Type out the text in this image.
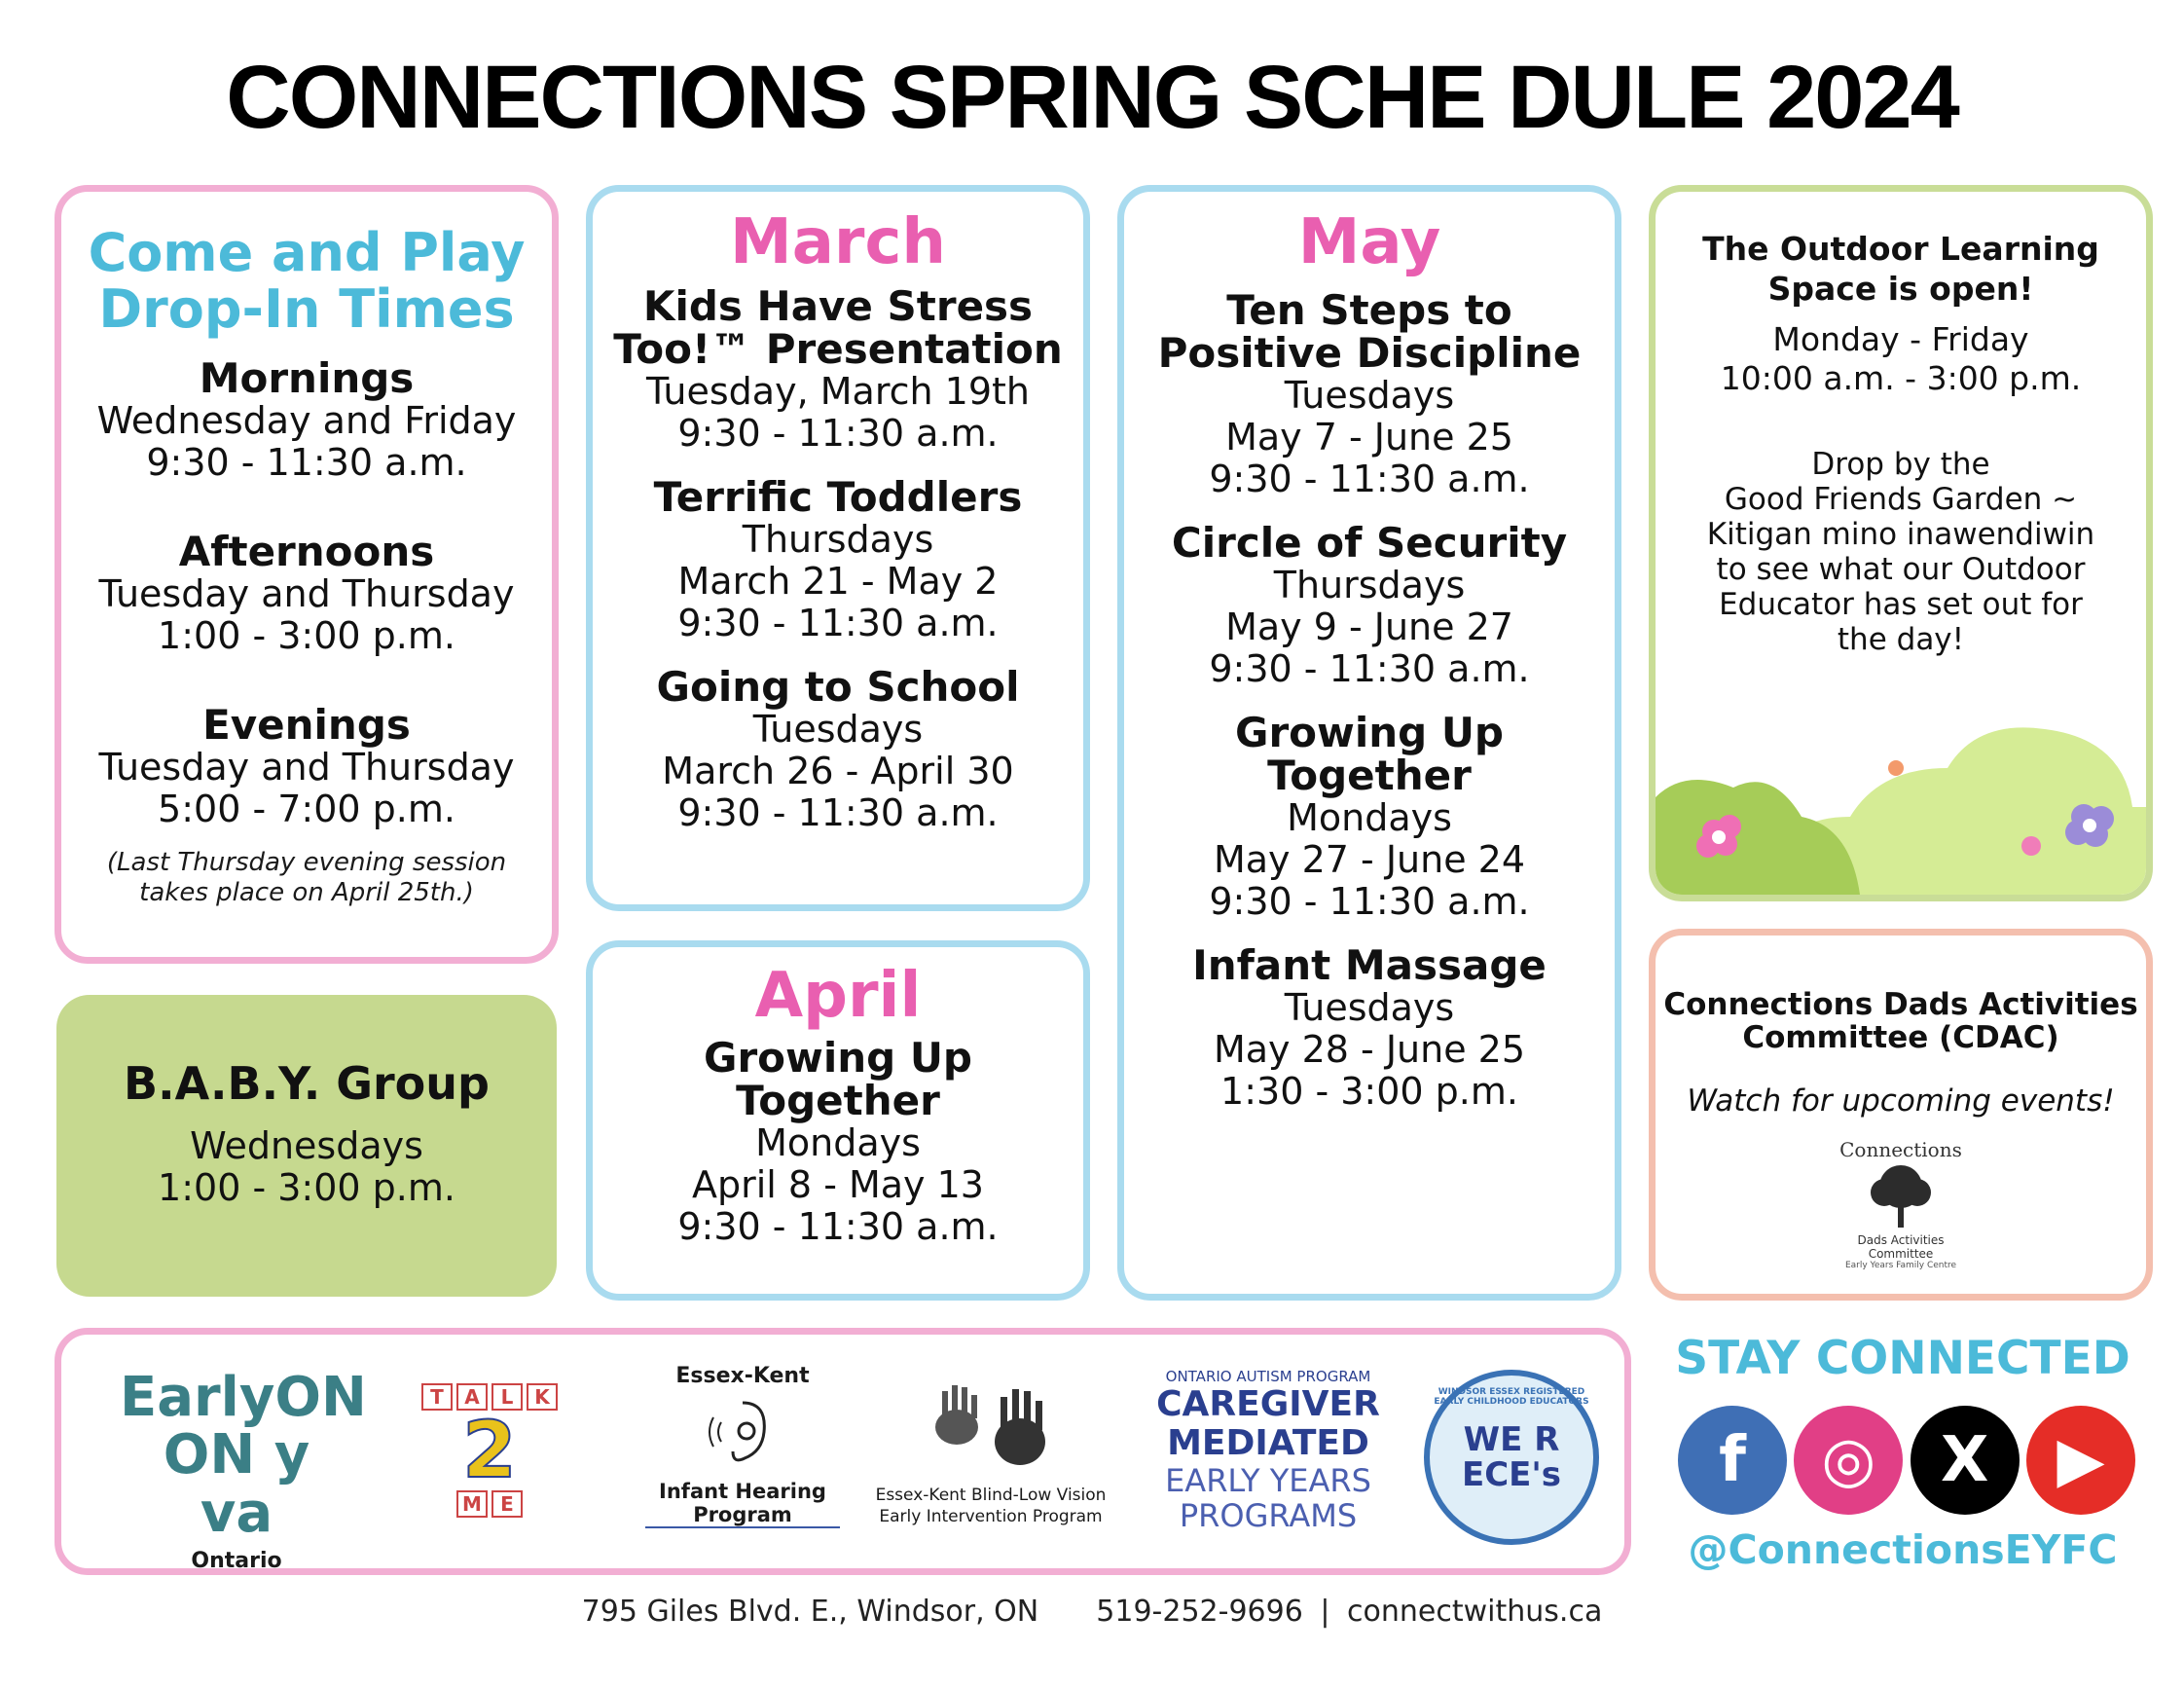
CONNECTIONS SPRING SCHE DULE 2024
Come and Play
Drop-In Times
Mornings
Wednesday and Friday
9:30 - 11:30 a.m.
Afternoons
Tuesday and Thursday
1:00 - 3:00 p.m.
Evenings
Tuesday and Thursday
5:00 - 7:00 p.m.
(Last Thursday evening session
takes place on April 25th.)
B.A.B.Y. Group
Wednesdays
1:00 - 3:00 p.m.
March
Kids Have Stress
Too!™ Presentation
Tuesday, March 19th
9:30 - 11:30 a.m.
Terrific Toddlers
Thursdays
March 21 - May 2
9:30 - 11:30 a.m.
Going to School
Tuesdays
March 26 - April 30
9:30 - 11:30 a.m.
April
Growing Up
Together
Mondays
April 8 - May 13
9:30 - 11:30 a.m.
May
Ten Steps to
Positive Discipline
Tuesdays
May 7 - June 25
9:30 - 11:30 a.m.
Circle of Security
Thursdays
May 9 - June 27
9:30 - 11:30 a.m.
Growing Up
Together
Mondays
May 27 - June 24
9:30 - 11:30 a.m.
Infant Massage
Tuesdays
May 28 - June 25
1:30 - 3:00 p.m.
The Outdoor Learning
Space is open!
Monday - Friday
10:00 a.m. - 3:00 p.m.
Drop by the
Good Friends Garden ~
Kitigan mino inawendiwin
to see what our Outdoor
Educator has set out for
the day!
Connections Dads Activities
Committee (CDAC)
Watch for upcoming events!
Connections
Dads Activities Committee
Early Years Family Centre
EarlyON
ON y va
Ontario
T	A	L	K
2
M E
Essex-Kent
Infant Hearing
Program
Essex-Kent Blind-Low Vision
Early Intervention Program
ONTARIO AUTISM PROGRAM
CAREGIVER
MEDIATED
EARLY YEARS
PROGRAMS
WINDSOR ESSEX REGISTERED EARLY CHILDHOOD EDUCATORS
WE R
ECE's
STAY CONNECTED
f	◎	X	▶
@ConnectionsEYFC
795 Giles Blvd. E., Windsor, ON 519-252-9696 | connectwithus.ca
